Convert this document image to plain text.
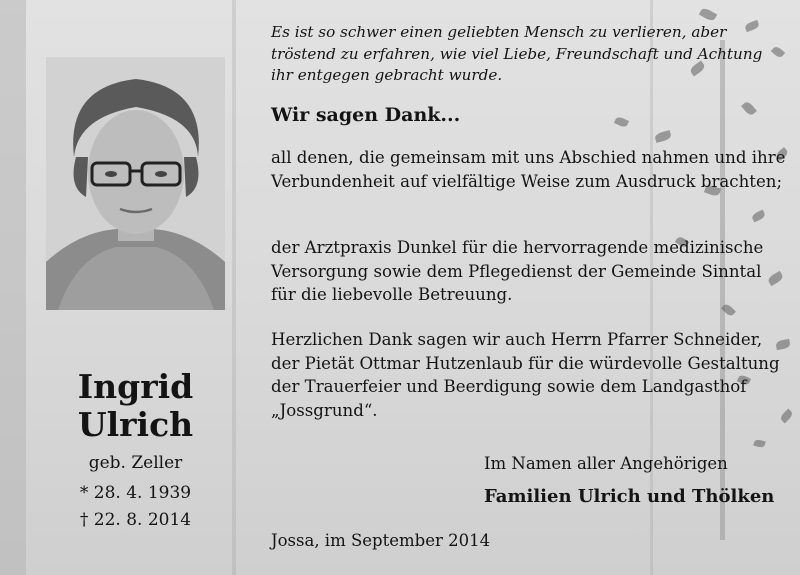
Ingrid
Ulrich
geb. Zeller
* 28. 4. 1939
† 22. 8. 2014

Es ist so schwer einen geliebten Mensch zu verlieren, aber tröstend zu erfahren, wie viel Liebe, Freundschaft und Achtung ihr entgegen gebracht wurde.

Wir sagen Dank...

all denen, die gemeinsam mit uns Abschied nahmen und ihre Verbundenheit auf vielfältige Weise zum Ausdruck brachten;

der Arztpraxis Dunkel für die hervorragende medizinische Versorgung sowie dem Pflegedienst der Gemeinde Sinntal für die liebevolle Betreuung.

Herzlichen Dank sagen wir auch Herrn Pfarrer Schneider, der Pietät Ottmar Hutzenlaub für die würdevolle Gestaltung der Trauerfeier und Beerdigung sowie dem Landgasthof „Jossgrund“.

Im Namen aller Angehörigen

Familien Ulrich und Thölken

Jossa, im September 2014
